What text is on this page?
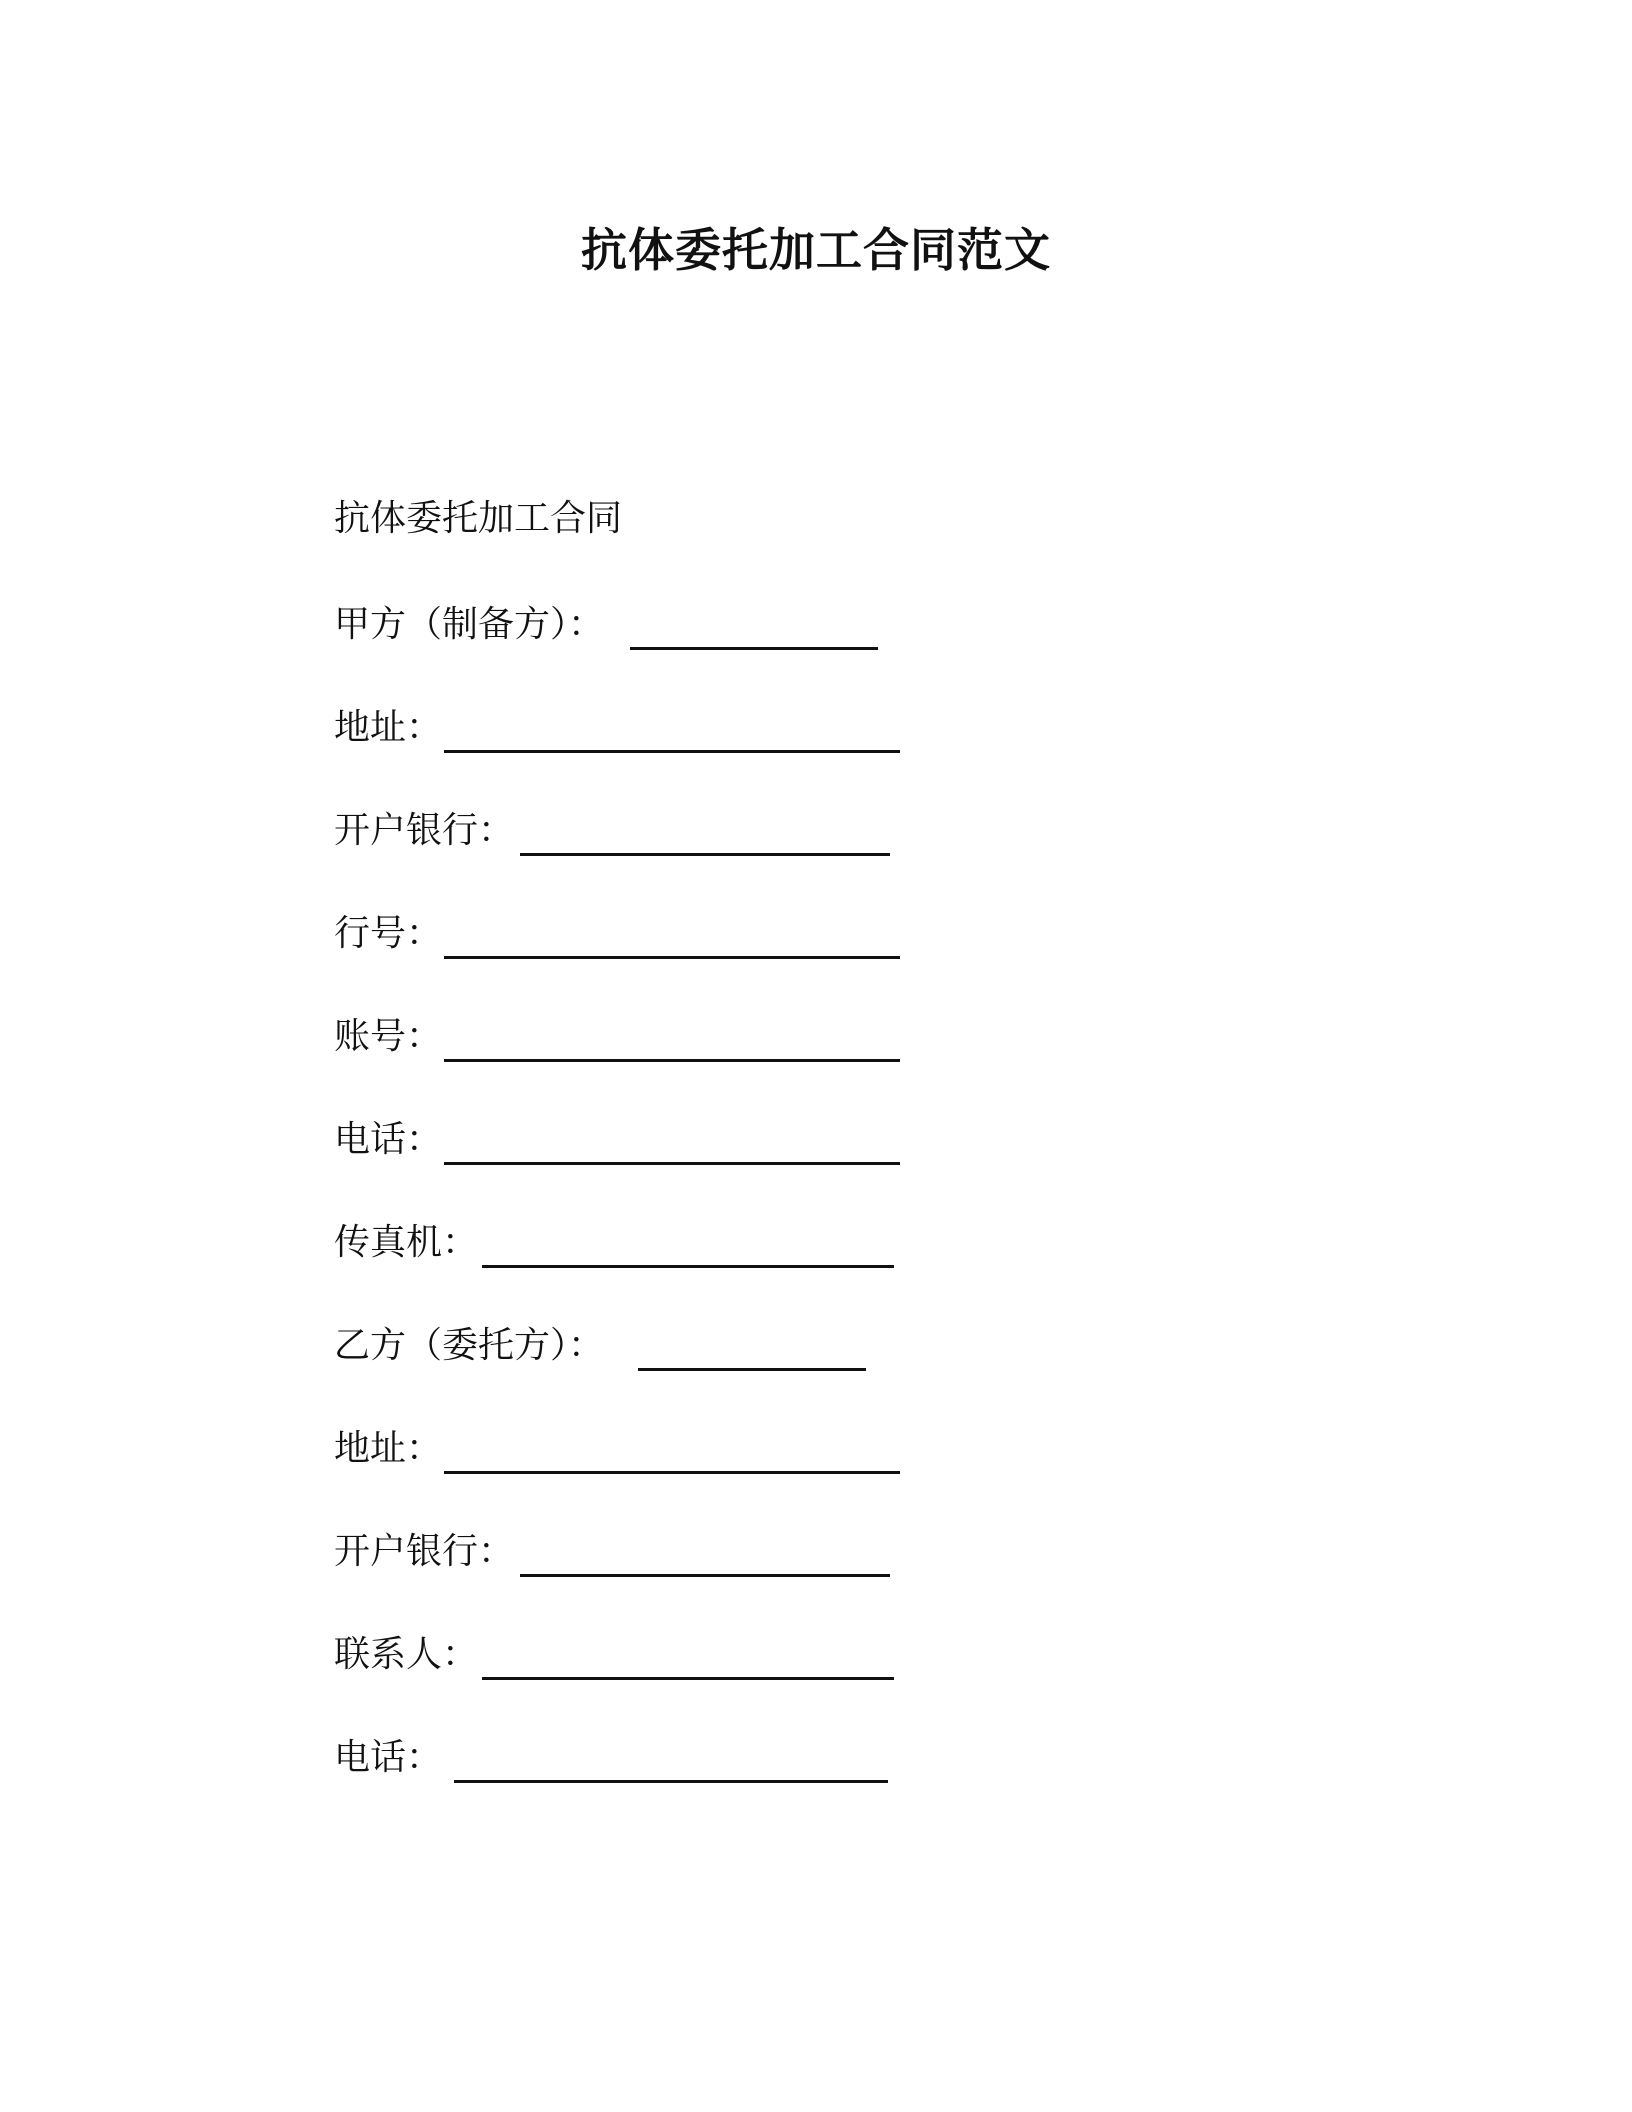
抗体委托加工合同范文
抗体委托加工合同
甲方（制备方）：
地址：
开户银行：
行号：
账号：
电话：
传真机：
乙方（委托方）：
地址：
开户银行：
联系人：
电话：
